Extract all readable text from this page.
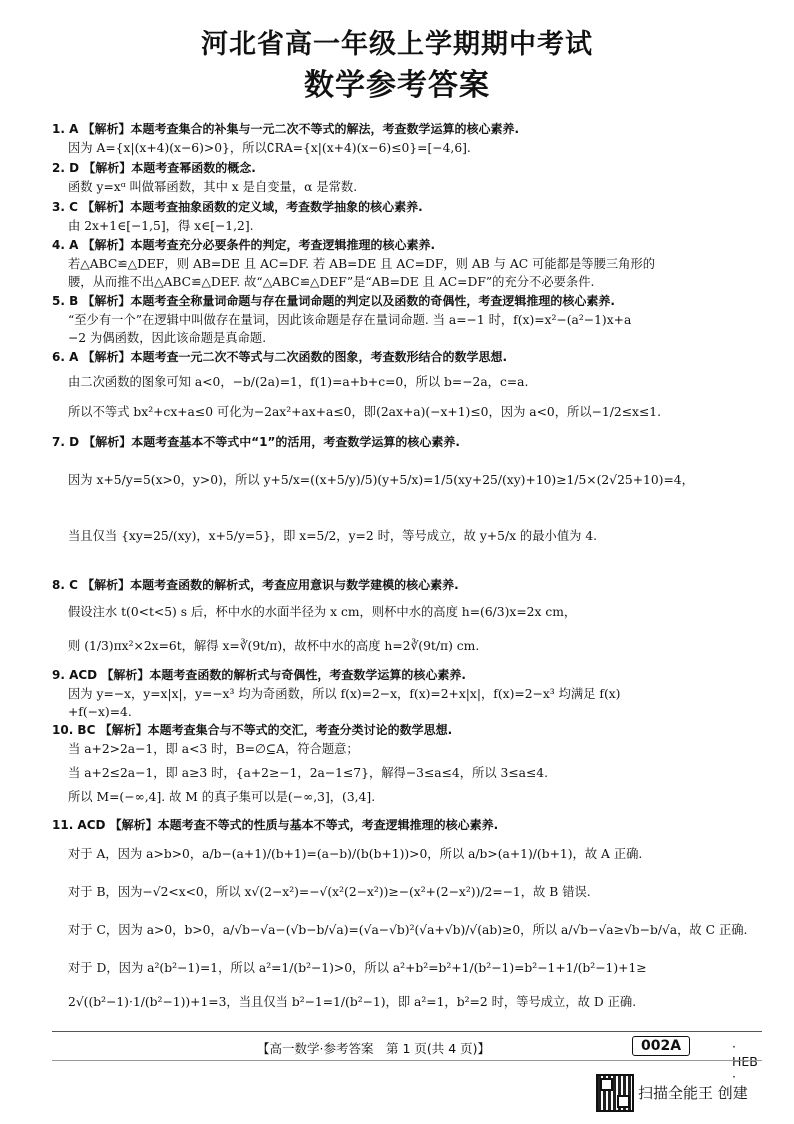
河北省高一年级上学期期中考试
数学参考答案
1. A 【解析】本题考查集合的补集与一元二次不等式的解法，考查数学运算的核心素养.
因为 A={x|(x+4)(x−6)>0}，所以∁RA={x|(x+4)(x−6)≤0}=[−4,6].
2. D 【解析】本题考查幂函数的概念.
函数 y=xᵅ 叫做幂函数，其中 x 是自变量，α 是常数.
3. C 【解析】本题考查抽象函数的定义域，考查数学抽象的核心素养.
由 2x+1∈[−1,5]，得 x∈[−1,2].
4. A 【解析】本题考查充分必要条件的判定，考查逻辑推理的核心素养.
若△ABC≌△DEF，则 AB=DE 且 AC=DF. 若 AB=DE 且 AC=DF，则 AB 与 AC 可能都是等腰三角形的
腰，从而推不出△ABC≌△DEF. 故“△ABC≌△DEF”是“AB=DE 且 AC=DF”的充分不必要条件.
5. B 【解析】本题考查全称量词命题与存在量词命题的判定以及函数的奇偶性，考查逻辑推理的核心素养.
“至少有一个”在逻辑中叫做存在量词，因此该命题是存在量词命题. 当 a=−1 时，f(x)=x²−(a²−1)x+a
−2 为偶函数，因此该命题是真命题.
6. A 【解析】本题考查一元二次不等式与二次函数的图象，考查数形结合的数学思想.
由二次函数的图象可知 a<0，−b/(2a)=1，f(1)=a+b+c=0，所以 b=−2a，c=a.
所以不等式 bx²+cx+a≤0 可化为−2ax²+ax+a≤0，即(2ax+a)(−x+1)≤0，因为 a<0，所以−1/2≤x≤1.
7. D 【解析】本题考查基本不等式中“1”的活用，考查数学运算的核心素养.
因为 x+5/y=5(x>0，y>0)，所以 y+5/x=((x+5/y)/5)(y+5/x)=1/5(xy+25/(xy)+10)≥1/5×(2√25+10)=4，
当且仅当 {xy=25/(xy)，x+5/y=5}，即 x=5/2，y=2 时，等号成立，故 y+5/x 的最小值为 4.
8. C 【解析】本题考查函数的解析式，考查应用意识与数学建模的核心素养.
假设注水 t(0<t<5) s 后，杯中水的水面半径为 x cm，则杯中水的高度 h=(6/3)x=2x cm，
则 (1/3)πx²×2x=6t，解得 x=∛(9t/π)，故杯中水的高度 h=2∛(9t/π) cm.
9. ACD 【解析】本题考查函数的解析式与奇偶性，考查数学运算的核心素养.
因为 y=−x，y=x|x|，y=−x³ 均为奇函数，所以 f(x)=2−x，f(x)=2+x|x|，f(x)=2−x³ 均满足 f(x)
+f(−x)=4.
10. BC 【解析】本题考查集合与不等式的交汇，考查分类讨论的数学思想.
当 a+2>2a−1，即 a<3 时，B=∅⊆A，符合题意；
当 a+2≤2a−1，即 a≥3 时，{a+2≥−1，2a−1≤7}，解得−3≤a≤4，所以 3≤a≤4.
所以 M=(−∞,4]. 故 M 的真子集可以是(−∞,3]，(3,4].
11. ACD 【解析】本题考查不等式的性质与基本不等式，考查逻辑推理的核心素养.
对于 A，因为 a>b>0，a/b−(a+1)/(b+1)=(a−b)/(b(b+1))>0，所以 a/b>(a+1)/(b+1)，故 A 正确.
对于 B，因为−√2<x<0，所以 x√(2−x²)=−√(x²(2−x²))≥−(x²+(2−x²))/2=−1，故 B 错误.
对于 C，因为 a>0，b>0，a/√b−√a−(√b−b/√a)=(√a−√b)²(√a+√b)/√(ab)≥0，所以 a/√b−√a≥√b−b/√a，故 C 正确.
对于 D，因为 a²(b²−1)=1，所以 a²=1/(b²−1)>0，所以 a²+b²=b²+1/(b²−1)=b²−1+1/(b²−1)+1≥
2√((b²−1)·1/(b²−1))+1=3，当且仅当 b²−1=1/(b²−1)，即 a²=1，b²=2 时，等号成立，故 D 正确.
【高一数学·参考答案　第 1 页(共 4 页)】	002A	· HEB ·
扫描全能王 创建
